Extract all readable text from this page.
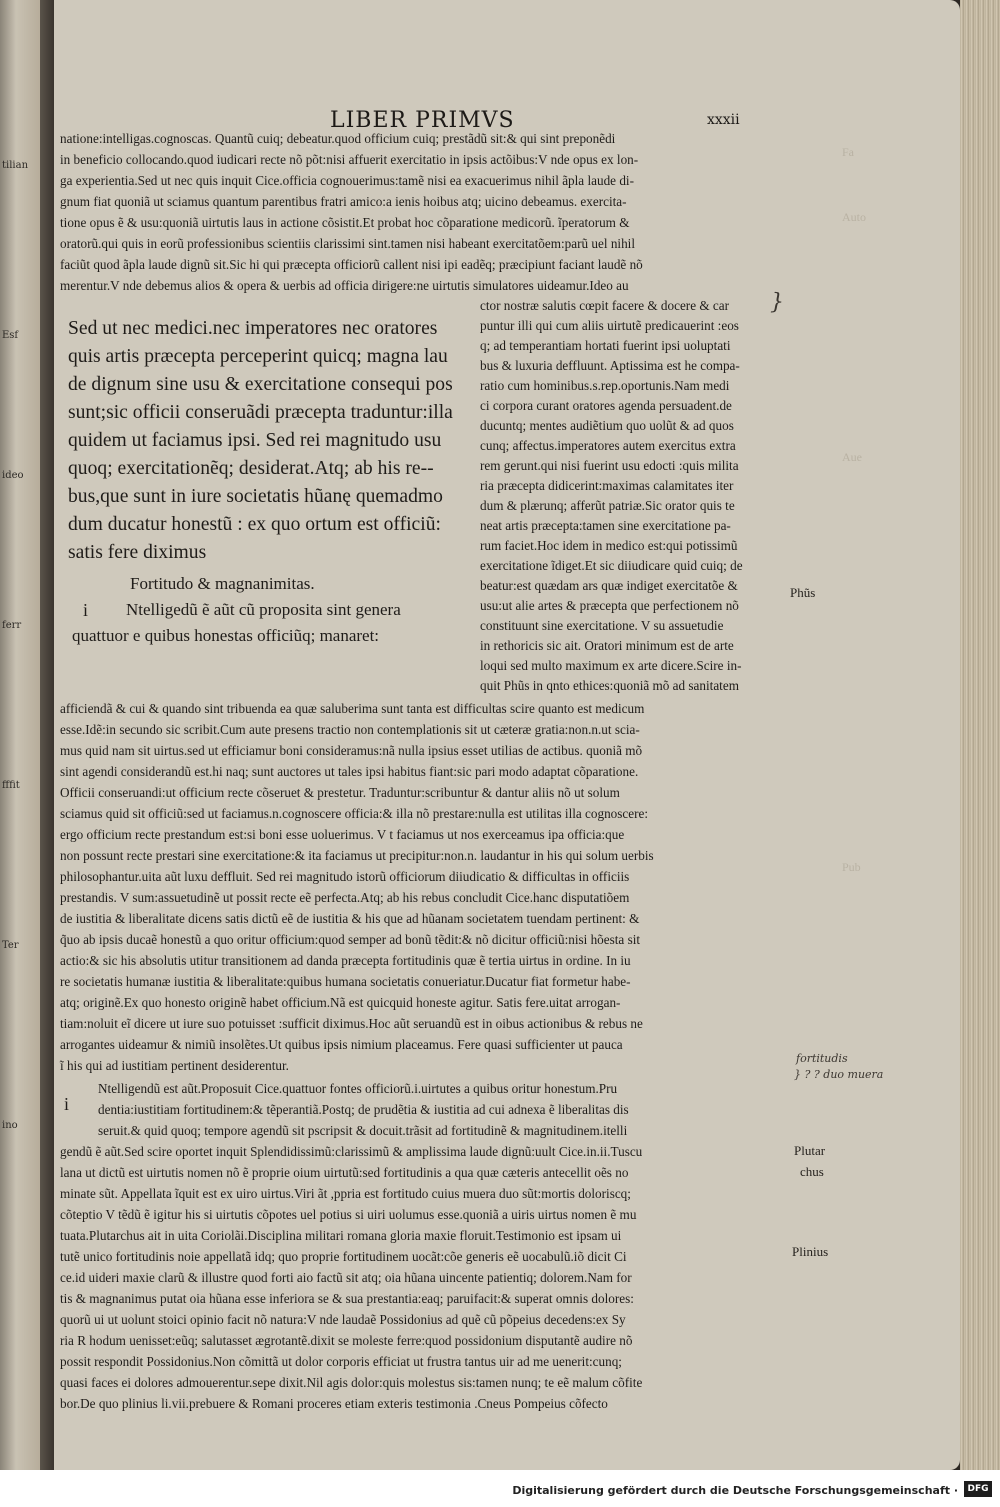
tilian
Esf
ideo
ferr
fffit
Ter
ino
Fa
Auto
Aue
Pub
LIBER PRIMVS	xxxii
natione:intelligas.cognoscas. Quantũ cuiq; debeatur.quod officium cuiq; prestãdũ sit:& qui sint preponẽdi
in beneficio collocando.quod iudicari recte nõ põt:nisi affuerit exercitatio in ipsis actõibus:V nde opus ex lon-
ga experientia.Sed ut nec quis inquit Cice.officia cognouerimus:tamẽ nisi ea exacuerimus nihil ãpla laude di-
gnum fiat quoniã ut sciamus quantum parentibus fratri amico:a ienis hoibus atq; uicino debeamus. exercita-
tione opus ẽ & usu:quoniã uirtutis laus in actione cõsistit.Et probat hoc cõparatione medicorũ. ĩperatorum &
oratorũ.qui quis in eorũ professionibus scientiis clarissimi sint.tamen nisi habeant exercitatõem:parũ uel nihil
faciũt quod ãpla laude dignũ sit.Sic hi qui præcepta officiorũ callent nisi ipi eadẽq; præcipiunt faciant laudẽ nõ
merentur.V nde debemus alios & opera & uerbis ad officia dirigere:ne uirtutis simulatores uideamur.Ideo au
Sed ut nec medici.nec imperatores nec oratores
quis artis præcepta perceperint quicq; magna lau
de dignum sine usu & exercitatione consequi pos
sunt;sic officii conseruãdi præcepta traduntur:illa
quidem ut faciamus ipsi. Sed rei magnitudo usu
quoq; exercitationẽq; desiderat.Atq; ab his re--
bus,que sunt in iure societatis hũanę quemadmo
dum ducatur honestũ : ex quo ortum est officiũ:
satis fere diximus
Fortitudo & magnanimitas.
i Ntelligedũ ẽ aũt cũ proposita sint genera
quattuor e quibus honestas officiũq; manaret:
ctor nostræ salutis cœpit facere & docere & car
puntur illi qui cum aliis uirtutẽ predicauerint :eos
q; ad temperantiam hortati fuerint ipsi uoluptati
bus & luxuria deffluunt. Aptissima est he compa-
ratio cum hominibus.s.rep.oportunis.Nam medi
ci corpora curant oratores agenda persuadent.de
ducuntq; mentes audiẽtium quo uolũt & ad quos
cunq; affectus.imperatores autem exercitus extra
rem gerunt.qui nisi fuerint usu edocti :quis milita
ria præcepta didicerint:maximas calamitates iter
dum & plærunq; afferũt patriæ.Sic orator quis te
neat artis præcepta:tamen sine exercitatione pa-
rum faciet.Hoc idem in medico est:qui potissimũ
exercitatione ĩdiget.Et sic diiudicare quid cuiq; de
beatur:est quædam ars quæ indiget exercitatõe &
usu:ut alie artes & præcepta que perfectionem nõ
constituunt sine exercitatione. V su assuetudie
in rethoricis sic ait. Oratori minimum est de arte
loqui sed multo maximum ex arte dicere.Scire in-
quit Phũs in qnto ethices:quoniã mõ ad sanitatem
}
afficiendã & cui & quando sint tribuenda ea quæ saluberima sunt tanta est difficultas scire quanto est medicum
esse.Idẽ:in secundo sic scribit.Cum aute presens tractio non contemplationis sit ut cæteræ gratia:non.n.ut scia-
mus quid nam sit uirtus.sed ut efficiamur boni consideramus:nã nulla ipsius esset utilias de actibus. quoniã mõ
sint agendi considerandũ est.hi naq; sunt auctores ut tales ipsi habitus fiant:sic pari modo adaptat cõparatione.
Officii conseruandi:ut officium recte cõseruet & prestetur. Traduntur:scribuntur & dantur aliis nõ ut solum
sciamus quid sit officiũ:sed ut faciamus.n.cognoscere officia:& illa nõ prestare:nulla est utilitas illa cognoscere:
ergo officium recte prestandum est:si boni esse uoluerimus. V t faciamus ut nos exerceamus ipa officia:que
non possunt recte prestari sine exercitatione:& ita faciamus ut precipitur:non.n. laudantur in his qui solum uerbis
philosophantur.uita aũt luxu deffluit. Sed rei magnitudo istorũ officiorum diiudicatio & difficultas in officiis
prestandis. V sum:assuetudinẽ ut possit recte eẽ perfecta.Atq; ab his rebus concludit Cice.hanc disputatiõem
de iustitia & liberalitate dicens satis dictũ eẽ de iustitia & his que ad hũanam societatem tuendam pertinent: &
q̃uo ab ipsis ducaẽ honestũ a quo oritur officium:quod semper ad bonũ tẽdit:& nõ dicitur officiũ:nisi hõesta sit
actio:& sic his absolutis utitur transitionem ad danda præcepta fortitudinis quæ ẽ tertia uirtus in ordine. In iu
re societatis humanæ iustitia & liberalitate:quibus humana societatis conueriatur.Ducatur fiat formetur habe-
atq; originẽ.Ex quo honesto originẽ habet officium.Nã est quicquid honeste agitur. Satis fere.uitat arrogan-
tiam:noluit eĩ dicere ut iure suo potuisset :sufficit diximus.Hoc aũt seruandũ est in oibus actionibus & rebus ne
arrogantes uideamur & nimiũ insolẽtes.Ut quibus ipsis nimium placeamus. Fere quasi sufficienter ut pauca
ĩ his qui ad iustitiam pertinent desiderentur.
i
Ntelligendũ est aũt.Proposuit Cice.quattuor fontes officiorũ.i.uirtutes a quibus oritur honestum.Pru
dentia:iustitiam fortitudinem:& tẽperantiã.Postq; de prudẽtia & iustitia ad cui adnexa ẽ liberalitas dis
seruit.& quid quoq; tempore agendũ sit pscripsit & docuit.trãsit ad fortitudinẽ & magnitudinem.itelli
gendũ ẽ aũt.Sed scire oportet inquit Splendidissimũ:clarissimũ & amplissima laude dignũ:uult Cice.in.ii.Tuscu
lana ut dictũ est uirtutis nomen nõ ẽ proprie oium uirtutũ:sed fortitudinis a qua quæ cæteris antecellit oẽs no
minate sũt. Appellata ĩquit est ex uiro uirtus.Viri ãt ,ppria est fortitudo cuius muera duo sũt:mortis doloriscq;
cõteptio V tẽdũ ẽ igitur his si uirtutis cõpotes uel potius si uiri uolumus esse.quoniã a uiris uirtus nomen ẽ mu
tuata.Plutarchus ait in uita Coriolãi.Disciplina militari romana gloria maxie floruit.Testimonio est ipsam ui
tutẽ unico fortitudinis noie appellatã idq; quo proprie fortitudinem uocãt:cõe generis eẽ uocabulũ.iõ dicit Ci
ce.id uideri maxie clarũ & illustre quod forti aio factũ sit atq; oia hũana uincente patientiq; dolorem.Nam for
tis & magnanimus putat oia hũana esse inferiora se & sua prestantia:eaq; paruifacit:& superat omnis dolores:
quorũ ui ut uolunt stoici opinio facit nõ natura:V nde laudaẽ Possidonius ad quẽ cũ põpeius decedens:ex Sy
ria R hodum uenisset:eũq; salutasset ægrotantẽ.dixit se moleste ferre:quod possidonium disputantẽ audire nõ
possit respondit Possidonius.Non cõmittã ut dolor corporis efficiat ut frustra tantus uir ad me uenerit:cunq;
quasi faces ei dolores admouerentur.sepe dixit.Nil agis dolor:quis molestus sis:tamen nunq; te eẽ malum cõfite
bor.De quo plinius li.vii.prebuere & Romani proceres etiam exteris testimonia .Cneus Pompeius cõfecto
Phũs
Plutar
chus
Plinius
fortitudis
} ? ? duo muera
Digitalisierung gefördert durch die Deutsche Forschungsgemeinschaft ·	DFG
